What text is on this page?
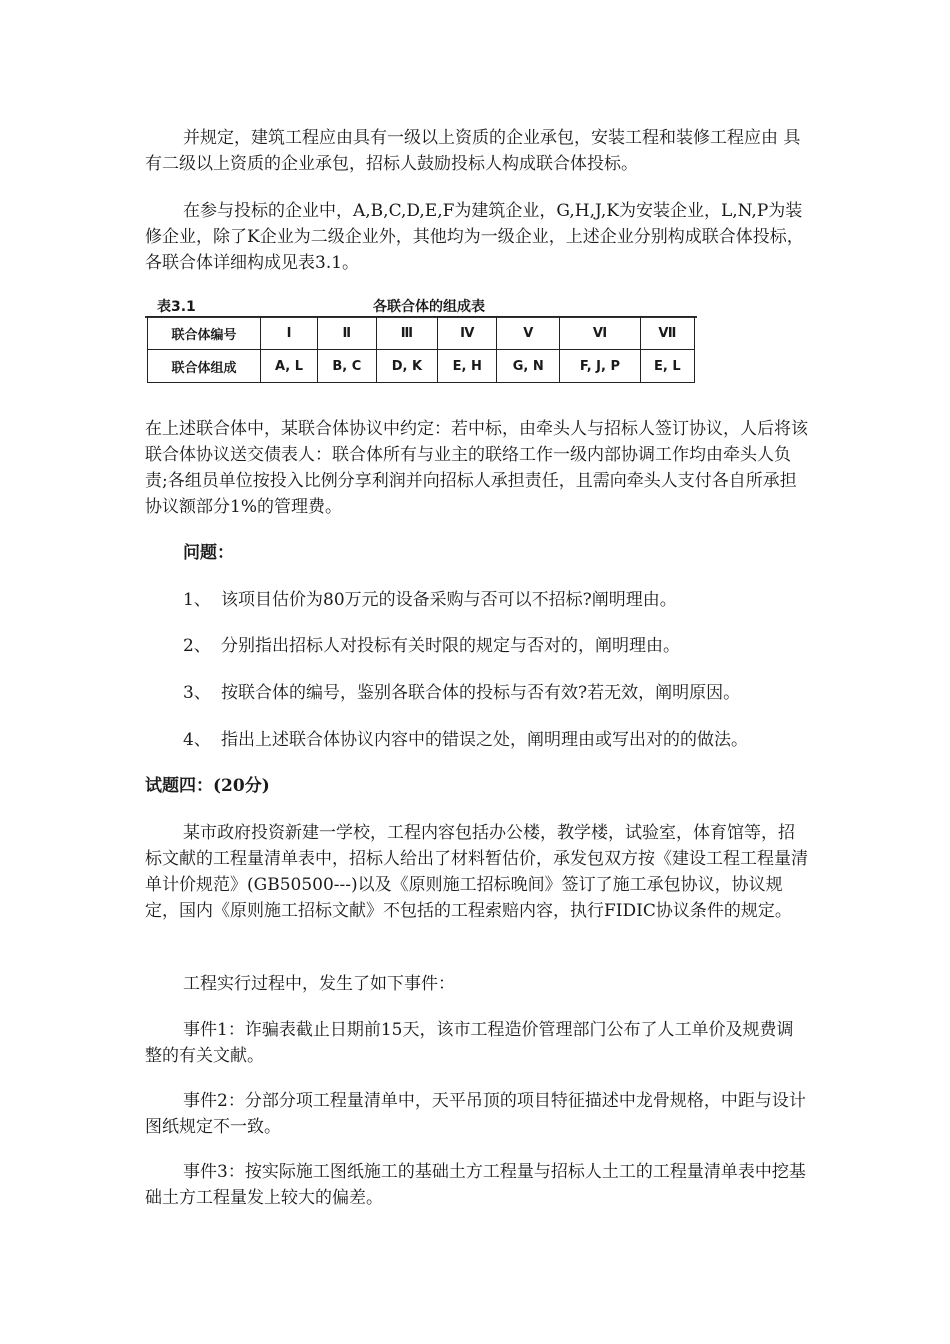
并规定，建筑工程应由具有一级以上资质的企业承包，安装工程和装修工程应由 具有二级以上资质的企业承包，招标人鼓励投标人构成联合体投标。

在参与投标的企业中，A,B,C,D,E,F为建筑企业，G,H,J,K为安装企业，L,N,P为装修企业，除了K企业为二级企业外，其他均为一级企业，上述企业分别构成联合体投标，各联合体详细构成见表3.1。

表3.1	各联合体的组成表
联合体编号	Ⅰ	Ⅱ	Ⅲ	Ⅳ	Ⅴ	Ⅵ	Ⅶ
联合体组成	A, L	B, C	D, K	E, H	G, N	F, J, P	E, L

在上述联合体中，某联合体协议中约定：若中标，由牵头人与招标人签订协议，人后将该联合体协议送交债表人：联合体所有与业主的联络工作一级内部协调工作均由牵头人负责;各组员单位按投入比例分享利润并向招标人承担责任，且需向牵头人支付各自所承担协议额部分1%的管理费。

问题：

1、 该项目估价为80万元的设备采购与否可以不招标?阐明理由。

2、 分别指出招标人对投标有关时限的规定与否对的，阐明理由。

3、 按联合体的编号，鉴别各联合体的投标与否有效?若无效，阐明原因。

4、 指出上述联合体协议内容中的错误之处，阐明理由或写出对的的做法。

试题四：(20分)

某市政府投资新建一学校，工程内容包括办公楼，教学楼，试验室，体育馆等，招标文献的工程量清单表中，招标人给出了材料暂估价，承发包双方按《建设工程工程量清单计价规范》(GB50500---)以及《原则施工招标晚间》签订了施工承包协议，协议规定，国内《原则施工招标文献》不包括的工程索赔内容，执行FIDIC协议条件的规定。

工程实行过程中，发生了如下事件：

事件1：诈骗表截止日期前15天，该市工程造价管理部门公布了人工单价及规费调整的有关文献。

事件2：分部分项工程量清单中，天平吊顶的项目特征描述中龙骨规格，中距与设计图纸规定不一致。

事件3：按实际施工图纸施工的基础土方工程量与招标人土工的工程量清单表中挖基础土方工程量发上较大的偏差。
